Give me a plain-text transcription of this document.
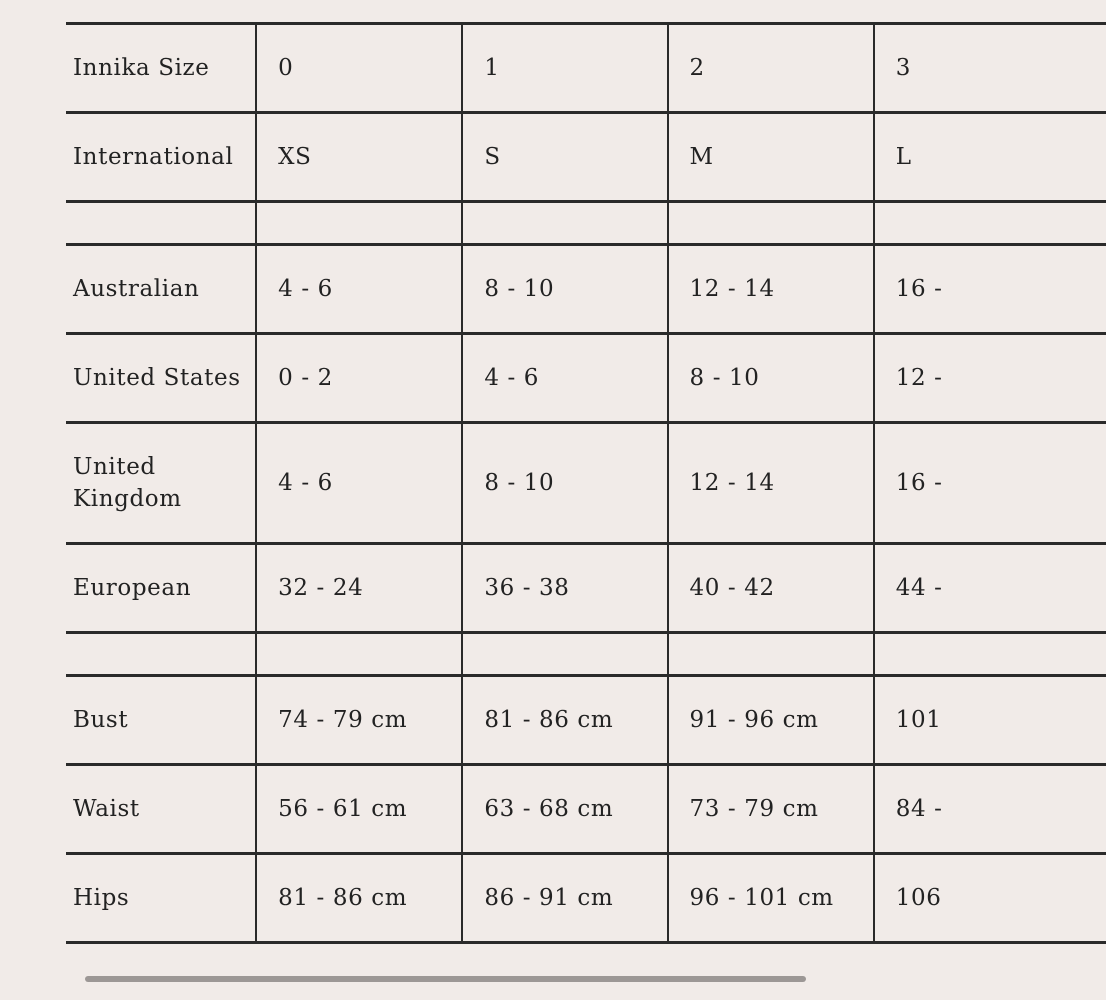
Innika Size	0	1	2	3
International	XS	S	M	L

Australian	4 - 6	8 - 10	12 - 14	16 -
United States	0 - 2	4 - 6	8 - 10	12 -
United Kingdom	4 - 6	8 - 10	12 - 14	16 -
European	32 - 24	36 - 38	40 - 42	44 -

Bust	74 - 79 cm	81 - 86 cm	91 - 96 cm	101
Waist	56 - 61 cm	63 - 68 cm	73 - 79 cm	84 -
Hips	81 - 86 cm	86 - 91 cm	96 - 101 cm	106
